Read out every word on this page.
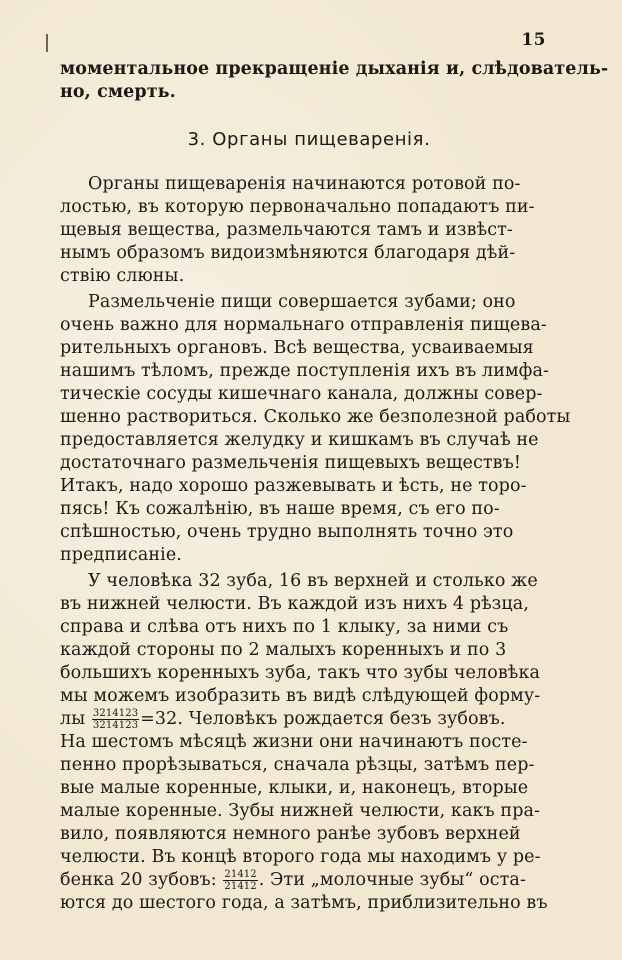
15
моментальное прекращеніе дыханія и, слѣдователь-
но, смерть.
3. Органы пищеваренія.
Органы пищеваренія начинаются ротовой по-
лостью, въ которую первоначально попадаютъ пи-
щевыя вещества, размельчаются тамъ и извѣст-
нымъ образомъ видоизмѣняются благодаря дѣй-
ствію слюны.
Размельченіе пищи совершается зубами; оно
очень важно для нормальнаго отправленія пищева-
рительныхъ органовъ. Всѣ вещества, усваиваемыя
нашимъ тѣломъ, прежде поступленія ихъ въ лимфа-
тическіе сосуды кишечнаго канала, должны совер-
шенно раствориться. Сколько же безполезной работы
предоставляется желудку и кишкамъ въ случаѣ не
достаточнаго размельченія пищевыхъ веществъ!
Итакъ, надо хорошо разжевывать и ѣсть, не торо-
пясь! Къ сожалѣнію, въ наше время, съ его по-
спѣшностью, очень трудно выполнять точно это
предписаніе.
У человѣка 32 зуба, 16 въ верхней и столько же
въ нижней челюсти. Въ каждой изъ нихъ 4 рѣзца,
справа и слѣва отъ нихъ по 1 клыку, за ними съ
каждой стороны по 2 малыхъ коренныхъ и по 3
большихъ коренныхъ зуба, такъ что зубы человѣка
мы можемъ изобразить въ видѣ слѣдующей форму-
лы $\frac{3214123}{3214123} =32$. Человѣкъ рождается безъ зубовъ.
На шестомъ мѣсяцѣ жизни они начинаютъ посте-
пенно прорѣзываться, сначала рѣзцы, затѣмъ пер-
вые малые коренные, клыки, и, наконецъ, вторые
малые коренные. Зубы нижней челюсти, какъ пра-
вило, появляются немного ранѣе зубовъ верхней
челюсти. Въ концѣ второго года мы находимъ у ре-
бенка 20 зубовъ: $\frac{21412}{21412}$ . Эти „молочные зубы“ оста-
ются до шестого года, а затѣмъ, приблизительно въ
